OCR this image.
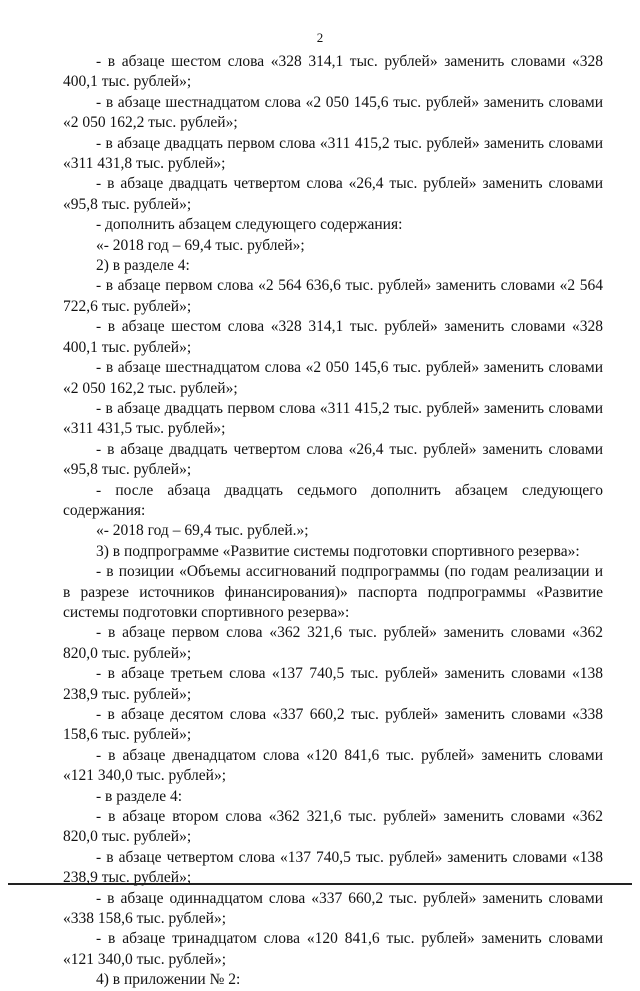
2

- в абзаце шестом слова «328 314,1 тыс. рублей» заменить словами «328 400,1 тыс. рублей»;

- в абзаце шестнадцатом слова «2 050 145,6 тыс. рублей» заменить словами «2 050 162,2 тыс. рублей»;

- в абзаце двадцать первом слова «311 415,2 тыс. рублей» заменить словами «311 431,8 тыс. рублей»;

- в абзаце двадцать четвертом слова «26,4 тыс. рублей» заменить словами «95,8 тыс. рублей»;

- дополнить абзацем следующего содержания:

«- 2018 год – 69,4 тыс. рублей»;

2) в разделе 4:

- в абзаце первом слова «2 564 636,6 тыс. рублей» заменить словами «2 564 722,6 тыс. рублей»;

- в абзаце шестом слова «328 314,1 тыс. рублей» заменить словами «328 400,1 тыс. рублей»;

- в абзаце шестнадцатом слова «2 050 145,6 тыс. рублей» заменить словами «2 050 162,2 тыс. рублей»;

- в абзаце двадцать первом слова «311 415,2 тыс. рублей» заменить словами «311 431,5 тыс. рублей»;

- в абзаце двадцать четвертом слова «26,4 тыс. рублей» заменить словами «95,8 тыс. рублей»;

- после абзаца двадцать седьмого дополнить абзацем следующего содержания:

«- 2018 год – 69,4 тыс. рублей.»;

3) в подпрограмме «Развитие системы подготовки спортивного резерва»:

- в позиции «Объемы ассигнований подпрограммы (по годам реализации и в разрезе источников финансирования)» паспорта подпрограммы «Развитие системы подготовки спортивного резерва»:

- в абзаце первом слова «362 321,6 тыс. рублей» заменить словами «362 820,0 тыс. рублей»;

- в абзаце третьем слова «137 740,5 тыс. рублей» заменить словами «138 238,9 тыс. рублей»;

- в абзаце десятом слова «337 660,2 тыс. рублей» заменить словами «338 158,6 тыс. рублей»;

- в абзаце двенадцатом слова «120 841,6 тыс. рублей» заменить словами «121 340,0 тыс. рублей»;

- в разделе 4:

- в абзаце втором слова «362 321,6 тыс. рублей» заменить словами «362 820,0 тыс. рублей»;

- в абзаце четвертом слова «137 740,5 тыс. рублей» заменить словами «138 238,9 тыс. рублей»;

- в абзаце одиннадцатом слова «337 660,2 тыс. рублей» заменить словами «338 158,6 тыс. рублей»;

- в абзаце тринадцатом слова «120 841,6 тыс. рублей» заменить словами «121 340,0 тыс. рублей»;

4) в приложении № 2:
